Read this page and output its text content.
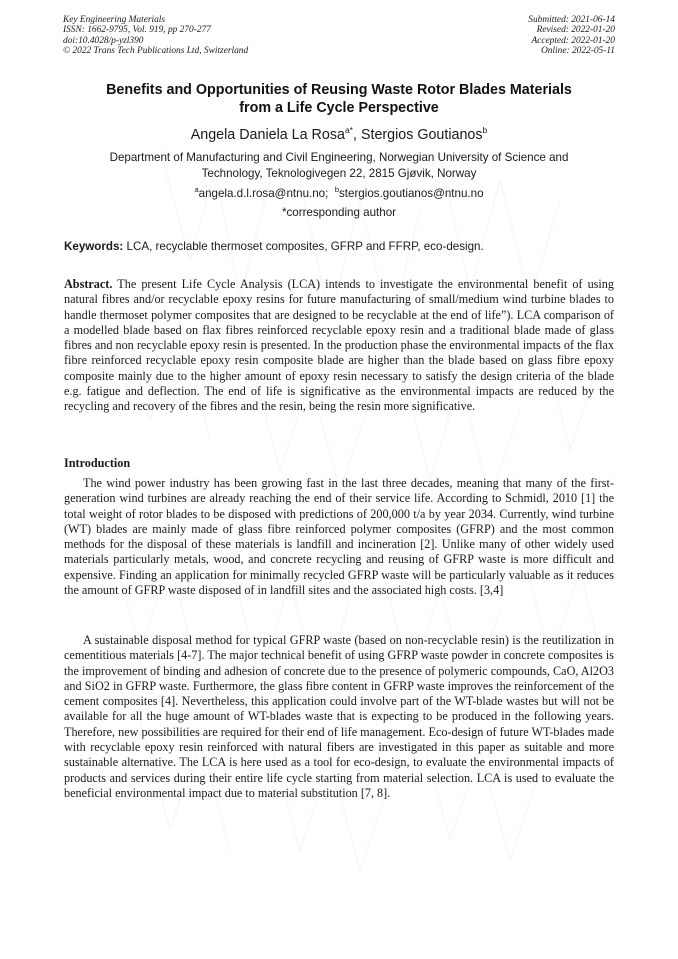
Key Engineering Materials
ISSN: 1662-9795, Vol. 919, pp 270-277
doi:10.4028/p-yzl390
© 2022 Trans Tech Publications Ltd, Switzerland
Submitted: 2021-06-14
Revised: 2022-01-20
Accepted: 2022-01-20
Online: 2022-05-11
Benefits and Opportunities of Reusing Waste Rotor Blades Materials
from a Life Cycle Perspective
Angela Daniela La Rosa$^{a*}$, Stergios Goutianos$^b$
Department of Manufacturing and Civil Engineering, Norwegian University of Science and
Technology, Teknologivegen 22, 2815 Gjøvik, Norway
$^a$angela.d.l.rosa@ntnu.no; $^b$stergios.goutianos@ntnu.no
*corresponding author
Keywords: LCA, recyclable thermoset composites, GFRP and FFRP, eco-design.
Abstract. The present Life Cycle Analysis (LCA) intends to investigate the environmental benefit of using natural fibres and/or recyclable epoxy resins for future manufacturing of small/medium wind turbine blades to handle thermoset polymer composites that are designed to be recyclable at the end of life”). LCA comparison of a modelled blade based on flax fibres reinforced recyclable epoxy resin and a traditional blade made of glass fibres and non recyclable epoxy resin is presented. In the production phase the environmental impacts of the flax fibre reinforced recyclable epoxy resin composite blade are higher than the blade based on glass fibre epoxy composite mainly due to the higher amount of epoxy resin necessary to satisfy the design criteria of the blade e.g. fatigue and deflection. The end of life is significative as the environmental impacts are reduced by the recycling and recovery of the fibres and the resin, being the resin more significative.
Introduction
The wind power industry has been growing fast in the last three decades, meaning that many of the first-generation wind turbines are already reaching the end of their service life. According to Schmidl, 2010 [1] the total weight of rotor blades to be disposed with predictions of 200,000 t/a by year 2034. Currently, wind turbine (WT) blades are mainly made of glass fibre reinforced polymer composites (GFRP) and the most common methods for the disposal of these materials is landfill and incineration [2]. Unlike many of other widely used materials particularly metals, wood, and concrete recycling and reusing of GFRP waste is more difficult and expensive. Finding an application for minimally recycled GFRP waste will be particularly valuable as it reduces the amount of GFRP waste disposed of in landfill sites and the associated high costs. [3,4]
A sustainable disposal method for typical GFRP waste (based on non-recyclable resin) is the reutilization in cementitious materials [4-7]. The major technical benefit of using GFRP waste powder in concrete composites is the improvement of binding and adhesion of concrete due to the presence of polymeric compounds, CaO, Al2O3 and SiO2 in GFRP waste. Furthermore, the glass fibre content in GFRP waste improves the reinforcement of the cement composites [4]. Nevertheless, this application could involve part of the WT-blade wastes but will not be available for all the huge amount of WT-blades waste that is expecting to be produced in the following years. Therefore, new possibilities are required for their end of life management. Eco-design of future WT-blades made with recyclable epoxy resin reinforced with natural fibers are investigated in this paper as suitable and more sustainable alternative. The LCA is here used as a tool for eco-design, to evaluate the environmental impacts of products and services during their entire life cycle starting from material selection. LCA is used to evaluate the beneficial environmental impact due to material substitution [7, 8].
